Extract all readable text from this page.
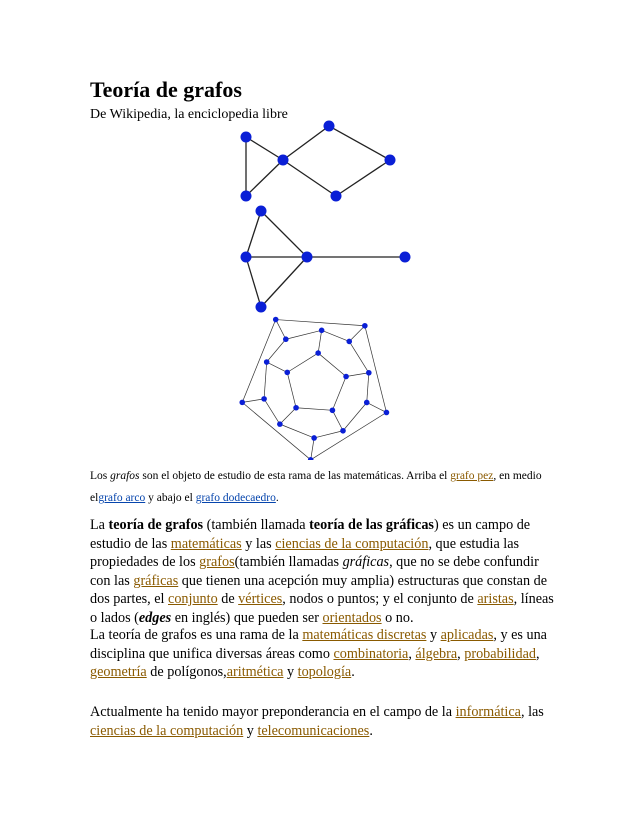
Teoría de grafos
De Wikipedia, la enciclopedia libre
Los grafos son el objeto de estudio de esta rama de las matemáticas. Arriba el grafo pez, en medio elgrafo arco y abajo el grafo dodecaedro.

La teoría de grafos (también llamada teoría de las gráficas) es un campo de estudio de las matemáticas y las ciencias de la computación, que estudia las propiedades de los grafos(también llamadas gráficas, que no se debe confundir con las gráficas que tienen una acepción muy amplia) estructuras que constan de dos partes, el conjunto de vértices, nodos o puntos; y el conjunto de aristas, líneas o lados (edges en inglés) que pueden ser orientados o no.

La teoría de grafos es una rama de la matemáticas discretas y aplicadas, y es una disciplina que unifica diversas áreas como combinatoria, álgebra, probabilidad, geometría de polígonos,aritmética y topología.

Actualmente ha tenido mayor preponderancia en el campo de la informática, las ciencias de la computación y telecomunicaciones.
